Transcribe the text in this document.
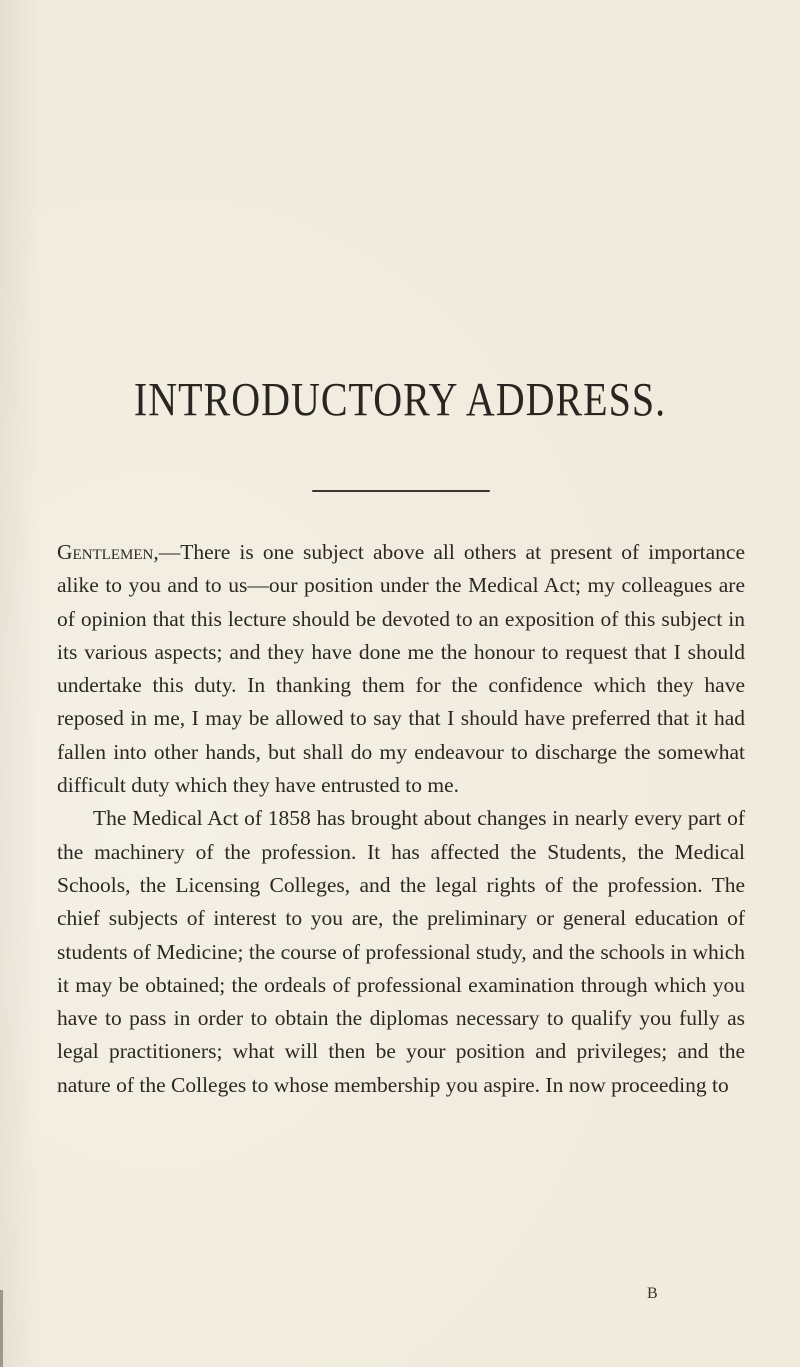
INTRODUCTORY ADDRESS.

Gentlemen,—There is one subject above all others at present of importance alike to you and to us—our position under the Medical Act; my colleagues are of opinion that this lecture should be devoted to an exposition of this subject in its various aspects; and they have done me the honour to request that I should undertake this duty. In thanking them for the confidence which they have reposed in me, I may be allowed to say that I should have preferred that it had fallen into other hands, but shall do my endeavour to discharge the somewhat difficult duty which they have entrusted to me.

The Medical Act of 1858 has brought about changes in nearly every part of the machinery of the profession. It has affected the Students, the Medical Schools, the Licensing Colleges, and the legal rights of the profession. The chief subjects of interest to you are, the preliminary or general education of students of Medicine; the course of professional study, and the schools in which it may be obtained; the ordeals of professional examination through which you have to pass in order to obtain the diplomas necessary to qualify you fully as legal practitioners; what will then be your position and privileges; and the nature of the Colleges to whose membership you aspire. In now proceeding to

B
